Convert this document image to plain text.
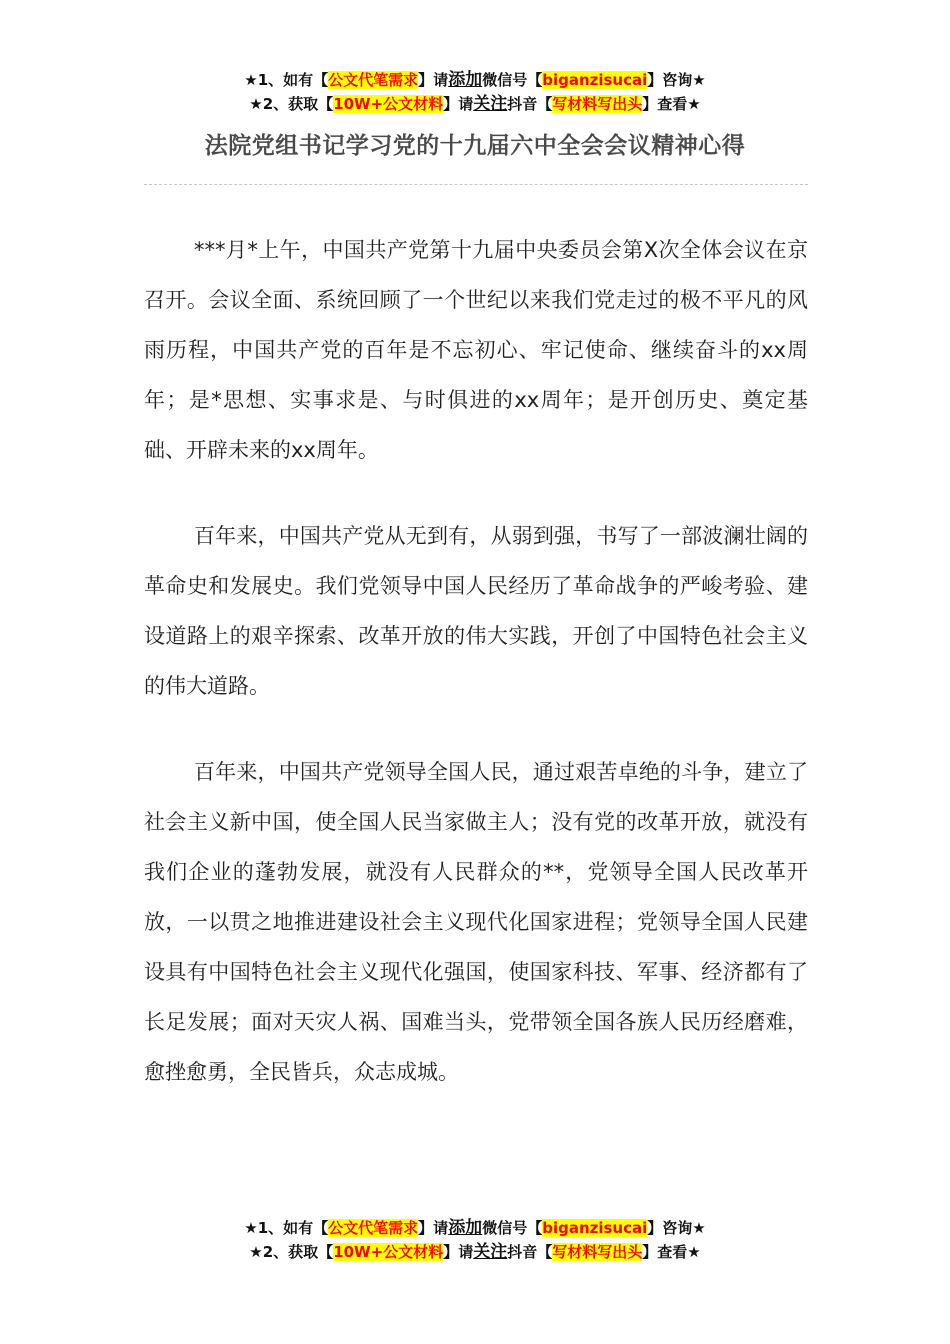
★1、如有【公文代笔需求】请添加微信号【biganzisucai】咨询★
★2、获取【10W+公文材料】请关注抖音【写材料写出头】查看★
法院党组书记学习党的十九届六中全会会议精神心得

***月*上午，中国共产党第十九届中央委员会第X次全体会议在京召开。会议全面、系统回顾了一个世纪以来我们党走过的极不平凡的风雨历程，中国共产党的百年是不忘初心、牢记使命、继续奋斗的xx周年；是*思想、实事求是、与时俱进的xx周年；是开创历史、奠定基础、开辟未来的xx周年。

百年来，中国共产党从无到有，从弱到强，书写了一部波澜壮阔的革命史和发展史。我们党领导中国人民经历了革命战争的严峻考验、建设道路上的艰辛探索、改革开放的伟大实践，开创了中国特色社会主义的伟大道路。

百年来，中国共产党领导全国人民，通过艰苦卓绝的斗争，建立了社会主义新中国，使全国人民当家做主人；没有党的改革开放，就没有我们企业的蓬勃发展，就没有人民群众的**，党领导全国人民改革开放，一以贯之地推进建设社会主义现代化国家进程；党领导全国人民建设具有中国特色社会主义现代化强国，使国家科技、军事、经济都有了长足发展；面对天灾人祸、国难当头，党带领全国各族人民历经磨难，愈挫愈勇，全民皆兵，众志成城。

★1、如有【公文代笔需求】请添加微信号【biganzisucai】咨询★
★2、获取【10W+公文材料】请关注抖音【写材料写出头】查看★
